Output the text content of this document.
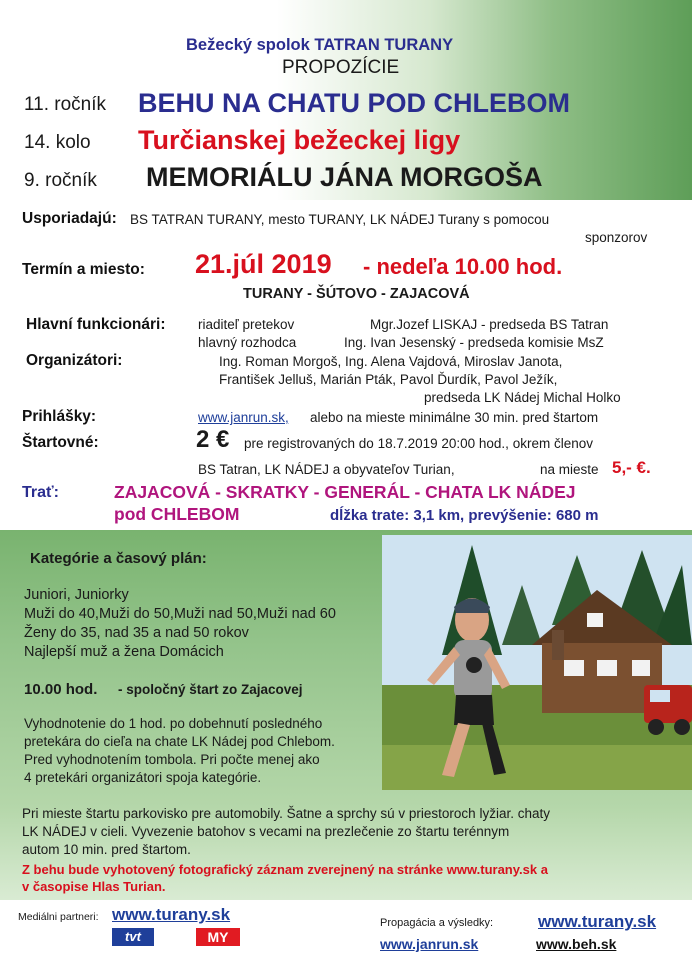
Bežecký spolok TATRAN TURANY
PROPOZÍCIE
11. ročník BEHU NA CHATU POD CHLEBOM
14. kolo Turčianskej bežeckej ligy
9. ročník MEMORIÁLU JÁNA MORGOŠA
Usporiadajú: BS TATRAN TURANY, mesto TURANY, LK NÁDEJ Turany s pomocou
sponzorov
Termín a miesto: 21.júl 2019 - nedeľa 10.00 hod.
TURANY - ŠÚTOVO - ZAJACOVÁ
Hlavní funkcionári: riaditeľ pretekov	Mgr.Jozef LISKAJ - predseda BS Tatran
hlavný rozhodca	Ing. Ivan Jesenský - predseda komisie MsZ
Organizátori:	Ing. Roman Morgoš, Ing. Alena Vajdová, Miroslav Janota,
František Jelluš, Marián Pták, Pavol Ďurdík, Pavol Ježík,
predseda LK Nádej Michal Holko
Prihlášky:	www.janrun.sk, alebo na mieste minimálne 30 min. pred štartom
Štartovné:	2 € pre registrovaných do 18.7.2019 20:00 hod., okrem členov
BS Tatran, LK NÁDEJ a obyvateľov Turian,	na mieste 5,- €.
Trať:	ZAJACOVÁ - SKRATKY - GENERÁL - CHATA LK NÁDEJ
pod CHLEBOM	dĺžka trate: 3,1 km, prevýšenie: 680 m
Kategórie a časový plán:
Juniori, Juniorky
Muži do 40,Muži do 50,Muži nad 50,Muži nad 60
Ženy do 35, nad 35 a nad 50 rokov
Najlepší muž a žena Domácich
10.00 hod. - spoločný štart zo Zajacovej
Vyhodnotenie do 1 hod. po dobehnutí posledného
pretekára do cieľa na chate LK Nádej pod Chlebom.
Pred vyhodnotením tombola. Pri počte menej ako
4 pretekári organizátori spoja kategórie.
Pri mieste štartu parkovisko pre automobily. Šatne a sprchy sú v priestoroch lyžiar. chaty
LK NÁDEJ v cieli. Vyvezenie batohov s vecami na prezlečenie zo štartu terénnym
autom 10 min. pred štartom.
Z behu bude vyhotovený fotografický záznam zverejnený na stránke www.turany.sk a
v časopise Hlas Turian.
Mediálni partneri: www.turany.sk
tvt	MY
Propagácia a výsledky:
www.janrun.sk
www.turany.sk
www.beh.sk
